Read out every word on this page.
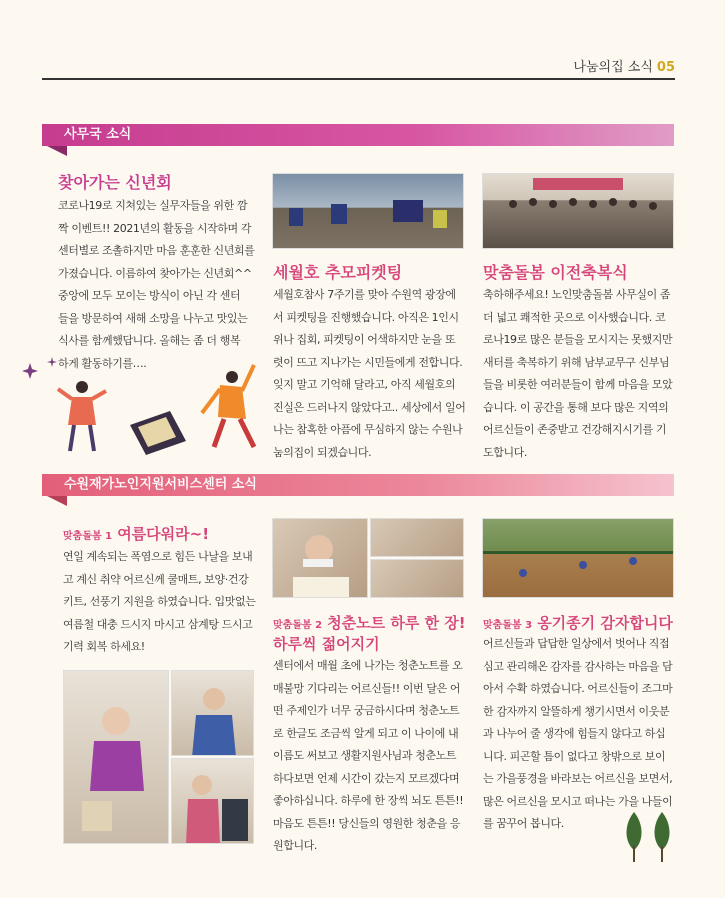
나눔의집 소식 05
사무국 소식
찾아가는 신년회
코로나19로 지쳐있는 실무자들을 위한 깜
짝 이벤트!! 2021년의 활동을 시작하며 각
센터별로 조촐하지만 마음 훈훈한 신년회를
가졌습니다. 이름하여 찾아가는 신년회^^
중앙에 모두 모이는 방식이 아닌 각 센터
들을 방문하여 새해 소망을 나누고 맛있는
식사를 함께했답니다. 올해는 좀 더 행복
하게 활동하기를….
세월호 추모피켓팅
세월호참사 7주기를 맞아 수원역 광장에
서 피켓팅을 진행했습니다. 아직은 1인시
위나 집회, 피켓팅이 어색하지만 눈을 또
렷이 뜨고 지나가는 시민들에게 전합니다.
잊지 말고 기억해 달라고, 아직 세월호의
진실은 드러나지 않았다고.. 세상에서 일어
나는 참혹한 아픔에 무심하지 않는 수원나
눔의집이 되겠습니다.
맞춤돌봄 이전축복식
축하해주세요! 노인맞춤돌봄 사무실이 좀
더 넓고 쾌적한 곳으로 이사했습니다. 코
로나19로 많은 분들을 모시지는 못했지만
새터를 축복하기 위해 남부교무구 신부님
들을 비롯한 여러분들이 함께 마음을 모았
습니다. 이 공간을 통해 보다 많은 지역의
어르신들이 존중받고 건강해지시기를 기
도합니다.
수원재가노인지원서비스센터 소식
맞춤돌봄 1 여름다워라~!
연일 계속되는 폭염으로 힘든 나날을 보내
고 계신 취약 어르신께 쿨매트, 보양·건강
키트, 선풍기 지원을 하였습니다. 입맛없는
여름철 대충 드시지 마시고 삼계탕 드시고
기력 회복 하세요!
맞춤돌봄 2 청춘노트 하루 한 장!
하루씩 젊어지기
센터에서 매월 초에 나가는 청춘노트를 오
매불망 기다리는 어르신들!! 이번 달은 어
떤 주제인가 너무 궁금하시다며 청춘노트
로 한글도 조금씩 알게 되고 이 나이에 내
이름도 써보고 생활지원사님과 청춘노트
하다보면 언제 시간이 갔는지 모르겠다며
좋아하십니다. 하루에 한 장씩 뇌도 튼튼!!
마음도 튼튼!! 당신들의 영원한 청춘을 응
원합니다.
맞춤돌봄 3 옹기종기 감자합니다
어르신들과 답답한 일상에서 벗어나 직접
심고 관리해온 감자를 감사하는 마음을 담
아서 수확 하였습니다. 어르신들이 조그마
한 감자까지 알뜰하게 챙기시면서 이웃분
과 나누어 줄 생각에 힘들지 않다고 하십
니다. 피곤할 틈이 없다고 창밖으로 보이
는 가을풍경을 바라보는 어르신을 보면서,
많은 어르신을 모시고 떠나는 가을 나들이
를 꿈꾸어 봅니다.
